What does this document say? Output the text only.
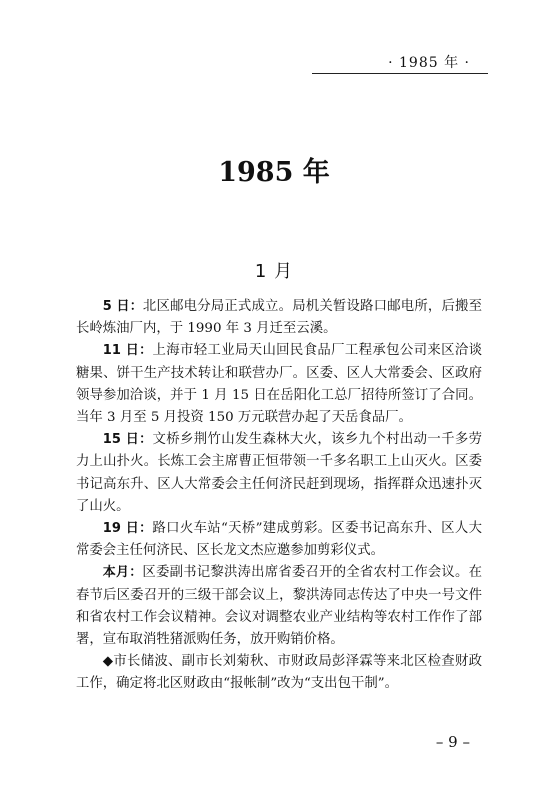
· 1985 年 ·
1985 年
1 月

5 日：北区邮电分局正式成立。局机关暂设路口邮电所，后搬至长岭炼油厂内，于 1990 年 3 月迁至云溪。

11 日：上海市轻工业局天山回民食品厂工程承包公司来区洽谈糖果、饼干生产技术转让和联营办厂。区委、区人大常委会、区政府领导参加洽谈，并于 1 月 15 日在岳阳化工总厂招待所签订了合同。当年 3 月至 5 月投资 150 万元联营办起了天岳食品厂。

15 日：文桥乡荆竹山发生森林大火，该乡九个村出动一千多劳力上山扑火。长炼工会主席曹正恒带领一千多名职工上山灭火。区委书记高东升、区人大常委会主任何济民赶到现场，指挥群众迅速扑灭了山火。

19 日：路口火车站“天桥”建成剪彩。区委书记高东升、区人大常委会主任何济民、区长龙文杰应邀参加剪彩仪式。

本月：区委副书记黎洪涛出席省委召开的全省农村工作会议。在春节后区委召开的三级干部会议上，黎洪涛同志传达了中央一号文件和省农村工作会议精神。会议对调整农业产业结构等农村工作作了部署，宣布取消牲猪派购任务，放开购销价格。

◆市长储波、副市长刘菊秋、市财政局彭泽霖等来北区检查财政工作，确定将北区财政由“报帐制”改为“支出包干制”。

– 9 –
